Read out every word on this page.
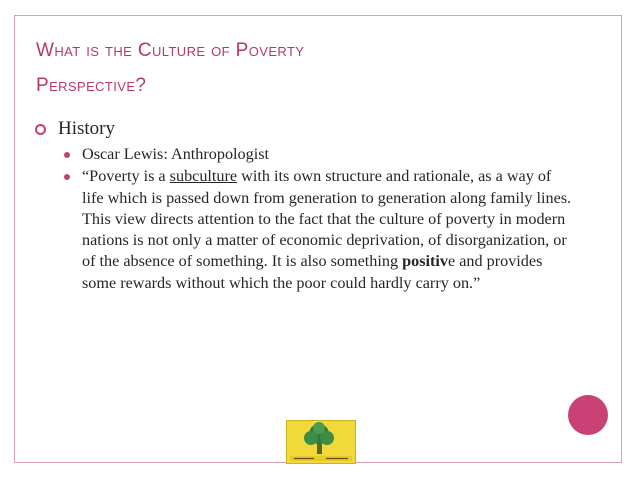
What is the Culture of Poverty
Perspective?
History
Oscar Lewis: Anthropologist
“Poverty is a subculture with its own structure and rationale, as a way of life which is passed down from generation to generation along family lines. This view directs attention to the fact that the culture of poverty in modern nations is not only a matter of economic deprivation, of disorganization, or of the absence of something. It is also something positive and provides some rewards without which the poor could hardly carry on.”
